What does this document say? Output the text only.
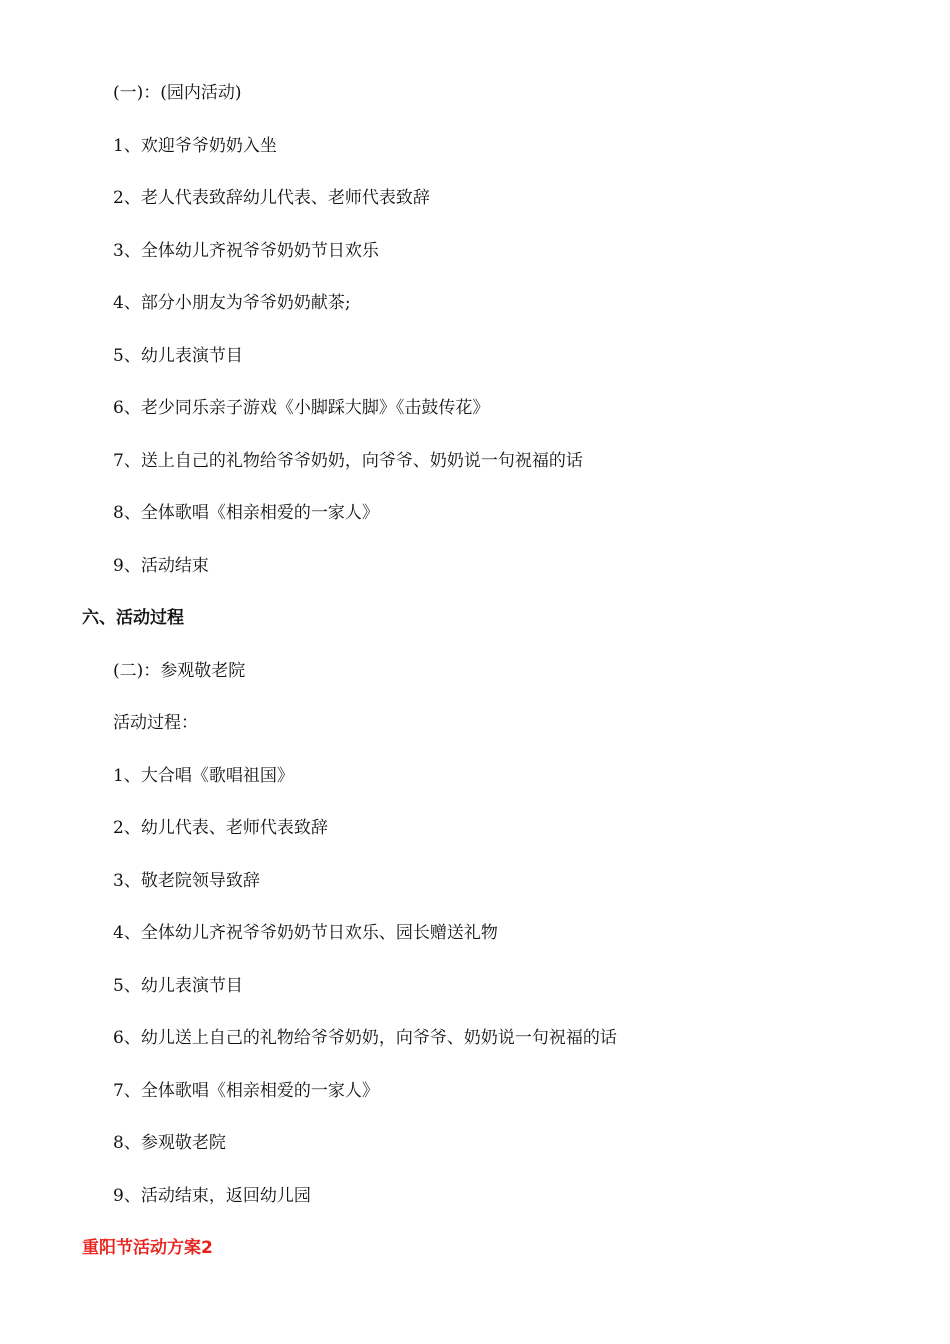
(一)：(园内活动)
1、欢迎爷爷奶奶入坐
2、老人代表致辞幼儿代表、老师代表致辞
3、全体幼儿齐祝爷爷奶奶节日欢乐
4、部分小朋友为爷爷奶奶献茶;
5、幼儿表演节目
6、老少同乐亲子游戏《小脚踩大脚》《击鼓传花》
7、送上自己的礼物给爷爷奶奶，向爷爷、奶奶说一句祝福的话
8、全体歌唱《相亲相爱的一家人》
9、活动结束
六、活动过程
(二)：参观敬老院
活动过程：
1、大合唱《歌唱祖国》
2、幼儿代表、老师代表致辞
3、敬老院领导致辞
4、全体幼儿齐祝爷爷奶奶节日欢乐、园长赠送礼物
5、幼儿表演节目
6、幼儿送上自己的礼物给爷爷奶奶，向爷爷、奶奶说一句祝福的话
7、全体歌唱《相亲相爱的一家人》
8、参观敬老院
9、活动结束，返回幼儿园
重阳节活动方案2
